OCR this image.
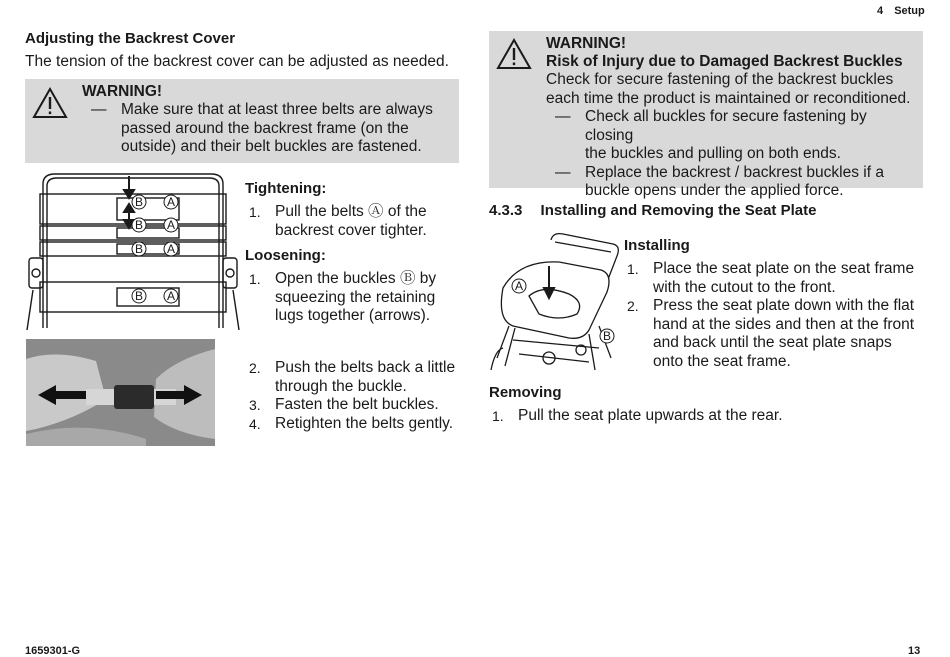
4 Setup
1659301-G	13
Adjusting the Backrest Cover
The tension of the backrest cover can be adjusted as needed.
WARNING!
— Make sure that at least three belts are always
passed around the backrest frame (on the
outside) and their belt buckles are fastened.
B A
B A
B A
B A
Tightening:
1. Pull the belts Ⓐ of the
backrest cover tighter.
Loosening:
1. Open the buckles Ⓑ by
squeezing the retaining
lugs together (arrows).
2. Push the belts back a little
through the buckle.
3. Fasten the belt buckles.
4. Retighten the belts gently.
WARNING!
Risk of Injury due to Damaged Backrest Buckles
Check for secure fastening of the backrest buckles
each time the product is maintained or reconditioned.
— Check all buckles for secure fastening by closing
the buckles and pulling on both ends.
— Replace the backrest / backrest buckles if a
buckle opens under the applied force.
4.3.3 Installing and Removing the Seat Plate
A
B
Installing
1. Place the seat plate on the seat frame
with the cutout to the front.
2. Press the seat plate down with the flat
hand at the sides and then at the front
and back until the seat plate snaps
onto the seat frame.
Removing
1. Pull the seat plate upwards at the rear.
